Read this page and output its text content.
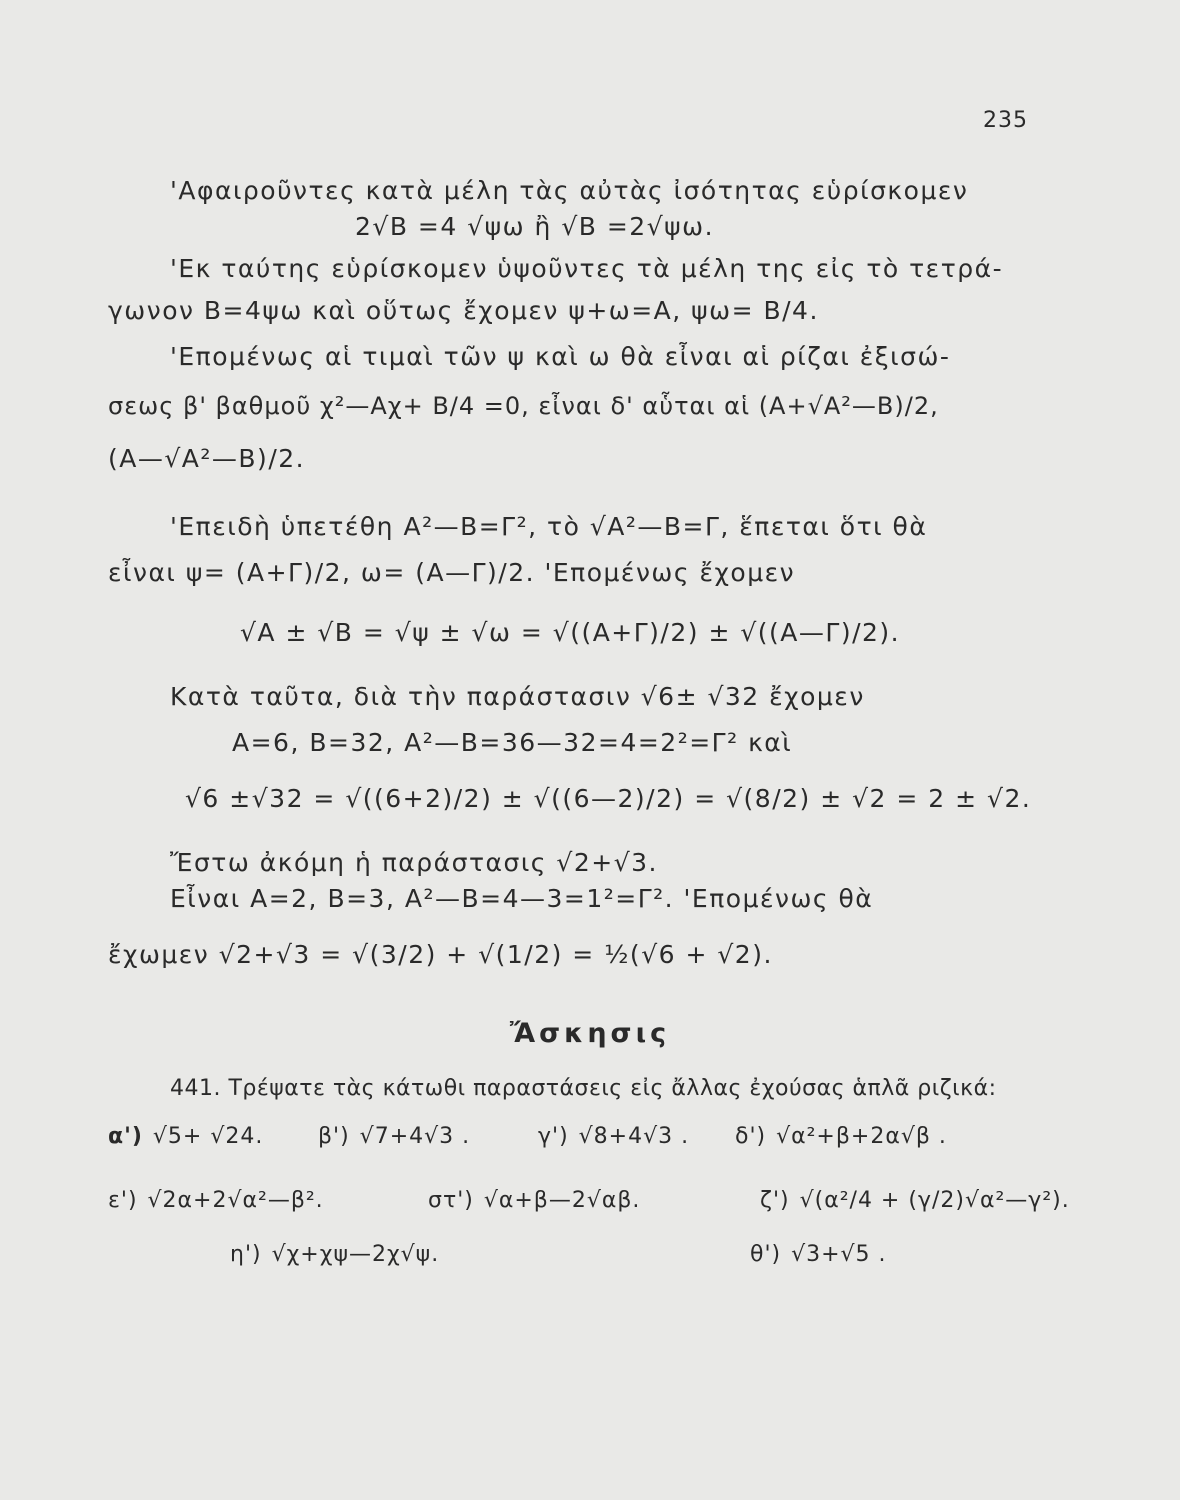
235
'Αφαιροῦντες κατὰ μέλη τὰς αὐτὰς ἰσότητας εὑρίσκομεν
2√B =4 √ψω ἢ √B =2√ψω.
'Εκ ταύτης εὑρίσκομεν ὑψοῦντες τὰ μέλη της εἰς τὸ τετρά-
γωνον B=4ψω καὶ οὕτως ἔχομεν ψ+ω=A, ψω= B/4.
'Επομένως αἱ τιμαὶ τῶν ψ καὶ ω θὰ εἶναι αἱ ρίζαι ἐξισώ-
σεως β' βαθμοῦ χ²—Aχ+ B/4 =0, εἶναι δ' αὗται αἱ (A+√A²—B)/2,
(A—√A²—B)/2.
'Επειδὴ ὑπετέθη A²—B=Γ², τὸ √A²—B=Γ, ἕπεται ὅτι θὰ
εἶναι ψ= (A+Γ)/2, ω= (A—Γ)/2. 'Επομένως ἔχομεν
√A ± √B = √ψ ± √ω = √((A+Γ)/2) ± √((A—Γ)/2).
Κατὰ ταῦτα, διὰ τὴν παράστασιν √6± √32 ἔχομεν
A=6, B=32, A²—B=36—32=4=2²=Γ² καὶ
√6 ±√32 = √((6+2)/2) ± √((6—2)/2) = √(8/2) ± √2 = 2 ± √2.
Ἔστω ἀκόμη ἡ παράστασις √2+√3.
Εἶναι A=2, B=3, A²—B=4—3=1²=Γ². 'Επομένως θὰ
ἔχωμεν √2+√3 = √(3/2) + √(1/2) = ½(√6 + √2).
Ἄσκησις
441. Τρέψατε τὰς κάτωθι παραστάσεις εἰς ἄλλας ἐχούσας ἁπλᾶ ριζικά:
α') √5+ √24. β') √7+4√3 .	γ') √8+4√3 . δ') √α²+β+2α√β .
ε') √2α+2√α²—β².	στ') √α+β—2√αβ.	ζ') √(α²/4 + (γ/2)√α²—γ²).
η') √χ+χψ—2χ√ψ.	θ') √3+√5 .
